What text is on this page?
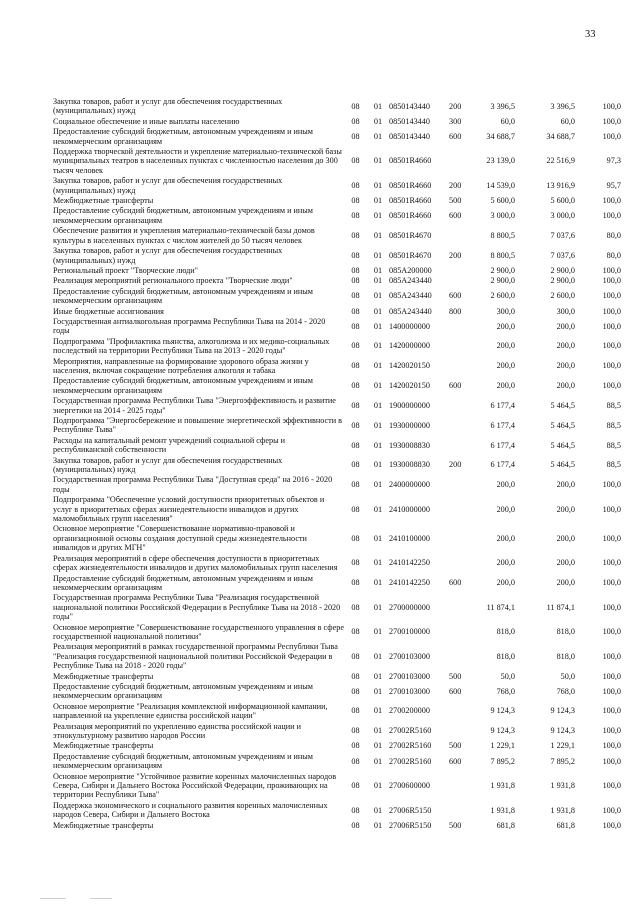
33
Закупка товаров, работ и услуг для обеспечения государственных (муниципальных) нужд	08	01	0850143440	200	3 396,5	3 396,5	100,0
Социальное обеспечение и иные выплаты населению	08	01	0850143440	300	60,0	60,0	100,0
Предоставление субсидий бюджетным, автономным учреждениям и иным некоммерческим организациям	08	01	0850143440	600	34 688,7	34 688,7	100,0
Поддержка творческой деятельности и укрепление материально-технической базы муниципальных театров в населенных пунктах с численностью населения до 300 тысяч человек	08	01	08501R4660		23 139,0	22 516,9	97,3
Закупка товаров, работ и услуг для обеспечения государственных (муниципальных) нужд	08	01	08501R4660	200	14 539,0	13 916,9	95,7
Межбюджетные трансферты	08	01	08501R4660	500	5 600,0	5 600,0	100,0
Предоставление субсидий бюджетным, автономным учреждениям и иным некоммерческим организациям	08	01	08501R4660	600	3 000,0	3 000,0	100,0
Обеспечение развития и укрепления материально-технической базы домов культуры в населенных пунктах с числом жителей до 50 тысяч человек	08	01	08501R4670		8 800,5	7 037,6	80,0
Закупка товаров, работ и услуг для обеспечения государственных (муниципальных) нужд	08	01	08501R4670	200	8 800,5	7 037,6	80,0
Региональный проект "Творческие люди"	08	01	085A200000		2 900,0	2 900,0	100,0
Реализация мероприятий регионального проекта "Творческие люди"	08	01	085A243440		2 900,0	2 900,0	100,0
Предоставление субсидий бюджетным, автономным учреждениям и иным некоммерческим организациям	08	01	085A243440	600	2 600,0	2 600,0	100,0
Иные бюджетные ассигнования	08	01	085A243440	800	300,0	300,0	100,0
Государственная антиалкогольная программа Республики Тыва на 2014 - 2020 годы	08	01	1400000000		200,0	200,0	100,0
Подпрограмма "Профилактика пьянства, алкоголизма и их медико-социальных последствий на территории Республики Тыва на 2013 - 2020 годы"	08	01	1420000000		200,0	200,0	100,0
Мероприятия, направленные на формирование здорового образа жизни у населения, включая сокращение потребления алкоголя и табака	08	01	1420020150		200,0	200,0	100,0
Предоставление субсидий бюджетным, автономным учреждениям и иным некоммерческим организациям	08	01	1420020150	600	200,0	200,0	100,0
Государственная программа Республики Тыва "Энергоэффективность и развитие энергетики на 2014 - 2025 годы"	08	01	1900000000		6 177,4	5 464,5	88,5
Подпрограмма "Энергосбережение и повышение энергетической эффективности в Республике Тыва"	08	01	1930000000		6 177,4	5 464,5	88,5
Расходы на капитальный ремонт учреждений социальной сферы и республиканской собственности	08	01	1930008830		6 177,4	5 464,5	88,5
Закупка товаров, работ и услуг для обеспечения государственных (муниципальных) нужд	08	01	1930008830	200	6 177,4	5 464,5	88,5
Государственная программа Республики Тыва "Доступная среда" на 2016 - 2020 годы	08	01	2400000000		200,0	200,0	100,0
Подпрограмма "Обеспечение условий доступности приоритетных объектов и услуг в приоритетных сферах жизнедеятельности инвалидов и других маломобильных групп населения"	08	01	2410000000		200,0	200,0	100,0
Основное мероприятие "Совершенствование нормативно-правовой и организационной основы создания доступной среды жизнедеятельности инвалидов и других МГН"	08	01	2410100000		200,0	200,0	100,0
Реализация мероприятий в сфере обеспечения доступности в приоритетных сферах жизнедеятельности инвалидов и других маломобильных групп населения	08	01	2410142250		200,0	200,0	100,0
Предоставление субсидий бюджетным, автономным учреждениям и иным некоммерческим организациям	08	01	2410142250	600	200,0	200,0	100,0
Государственная программа Республики Тыва "Реализация государственной национальной политики Российской Федерации в Республике Тыва на 2018 - 2020 годы"	08	01	2700000000		11 874,1	11 874,1	100,0
Основное мероприятие "Совершенствование государственного управления в сфере государственной национальной политики"	08	01	2700100000		818,0	818,0	100,0
Реализация мероприятий в рамках государственной программы Республики Тыва "Реализация государственной национальной политики Российской Федерации в Республике Тыва на 2018 - 2020 годы"	08	01	2700103000		818,0	818,0	100,0
Межбюджетные трансферты	08	01	2700103000	500	50,0	50,0	100,0
Предоставление субсидий бюджетным, автономным учреждениям и иным некоммерческим организациям	08	01	2700103000	600	768,0	768,0	100,0
Основное мероприятие "Реализация комплексной информационной кампании, направленной на укрепление единства российской нации"	08	01	2700200000		9 124,3	9 124,3	100,0
Реализация мероприятий по укреплению единства российской нации и этнокультурному развитию народов России	08	01	27002R5160		9 124,3	9 124,3	100,0
Межбюджетные трансферты	08	01	27002R5160	500	1 229,1	1 229,1	100,0
Предоставление субсидий бюджетным, автономным учреждениям и иным некоммерческим организациям	08	01	27002R5160	600	7 895,2	7 895,2	100,0
Основное мероприятие "Устойчивое развитие коренных малочисленных народов Севера, Сибири и Дальнего Востока Российской Федерации, проживающих на территории Республики Тыва"	08	01	2700600000		1 931,8	1 931,8	100,0
Поддержка экономического и социального развития коренных малочисленных народов Севера, Сибири и Дальнего Востока	08	01	27006R5150		1 931,8	1 931,8	100,0
Межбюджетные трансферты	08	01	27006R5150	500	681,8	681,8	100,0
